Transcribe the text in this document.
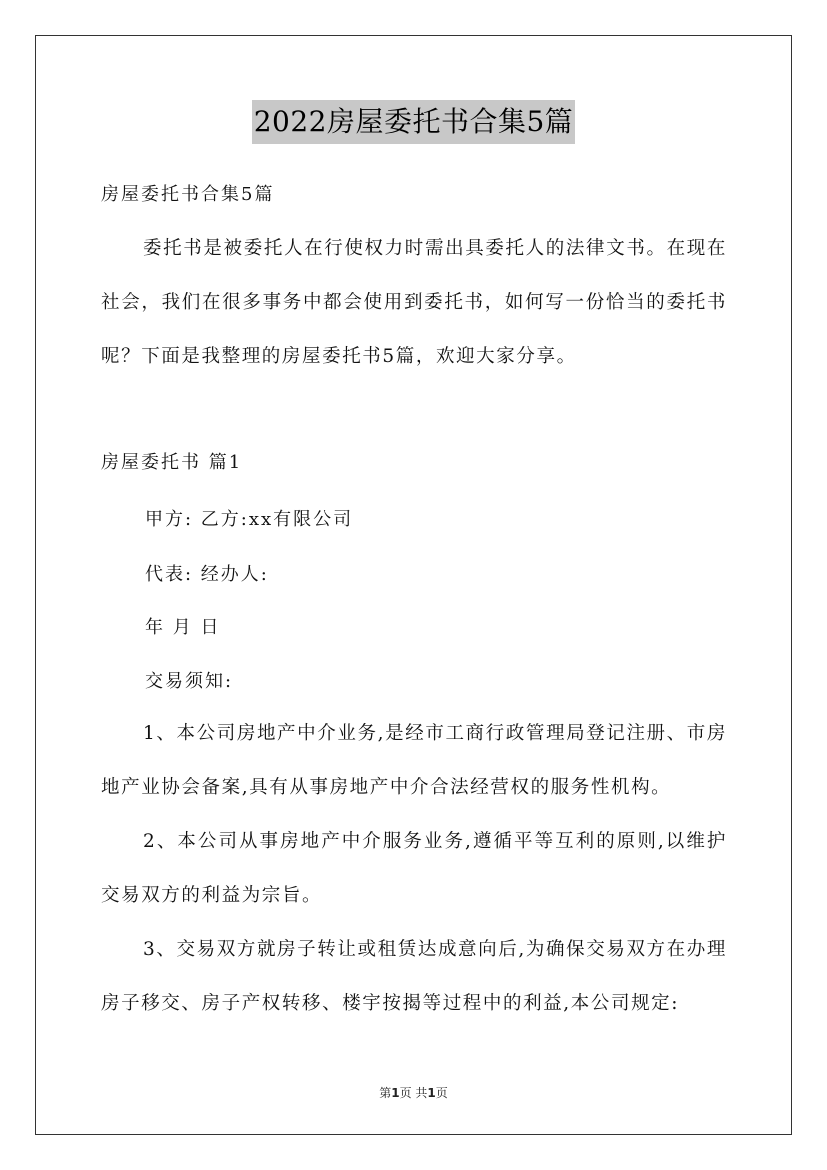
2022房屋委托书合集5篇
房屋委托书合集5篇

委托书是被委托人在行使权力时需出具委托人的法律文书。在现在社会，我们在很多事务中都会使用到委托书，如何写一份恰当的委托书呢？下面是我整理的房屋委托书5篇，欢迎大家分享。

房屋委托书 篇1
甲方: 乙方:xx有限公司
代表: 经办人:
年 月 日
交易须知:

1、本公司房地产中介业务,是经市工商行政管理局登记注册、市房地产业协会备案,具有从事房地产中介合法经营权的服务性机构。

2、本公司从事房地产中介服务业务,遵循平等互利的原则,以维护交易双方的利益为宗旨。

3、交易双方就房子转让或租赁达成意向后,为确保交易双方在办理房子移交、房子产权转移、楼宇按揭等过程中的利益,本公司规定:

第1页 共1页
